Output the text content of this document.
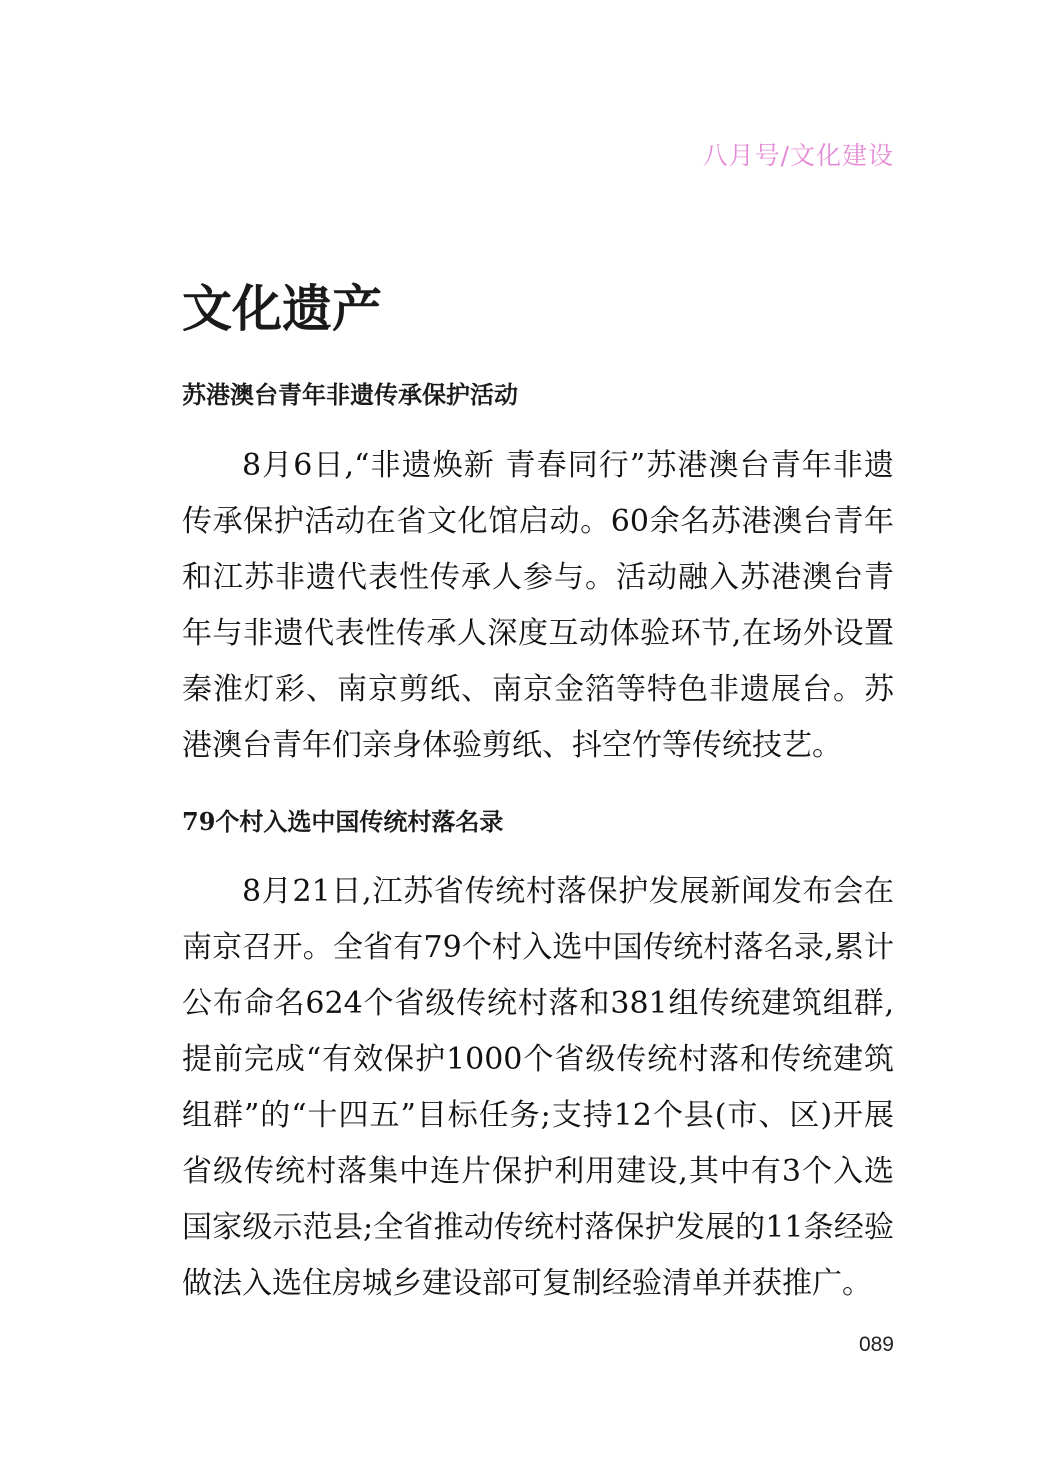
八月号/文化建设
文化遗产
苏港澳台青年非遗传承保护活动

8月6日,“非遗焕新 青春同行”苏港澳台青年非遗传承保护活动在省文化馆启动。60余名苏港澳台青年和江苏非遗代表性传承人参与。活动融入苏港澳台青年与非遗代表性传承人深度互动体验环节,在场外设置秦淮灯彩、南京剪纸、南京金箔等特色非遗展台。苏港澳台青年们亲身体验剪纸、抖空竹等传统技艺。

79个村入选中国传统村落名录

8月21日,江苏省传统村落保护发展新闻发布会在南京召开。全省有79个村入选中国传统村落名录,累计公布命名624个省级传统村落和381组传统建筑组群,提前完成“有效保护1000个省级传统村落和传统建筑组群”的“十四五”目标任务;支持12个县(市、区)开展省级传统村落集中连片保护利用建设,其中有3个入选国家级示范县;全省推动传统村落保护发展的11条经验做法入选住房城乡建设部可复制经验清单并获推广。

089
